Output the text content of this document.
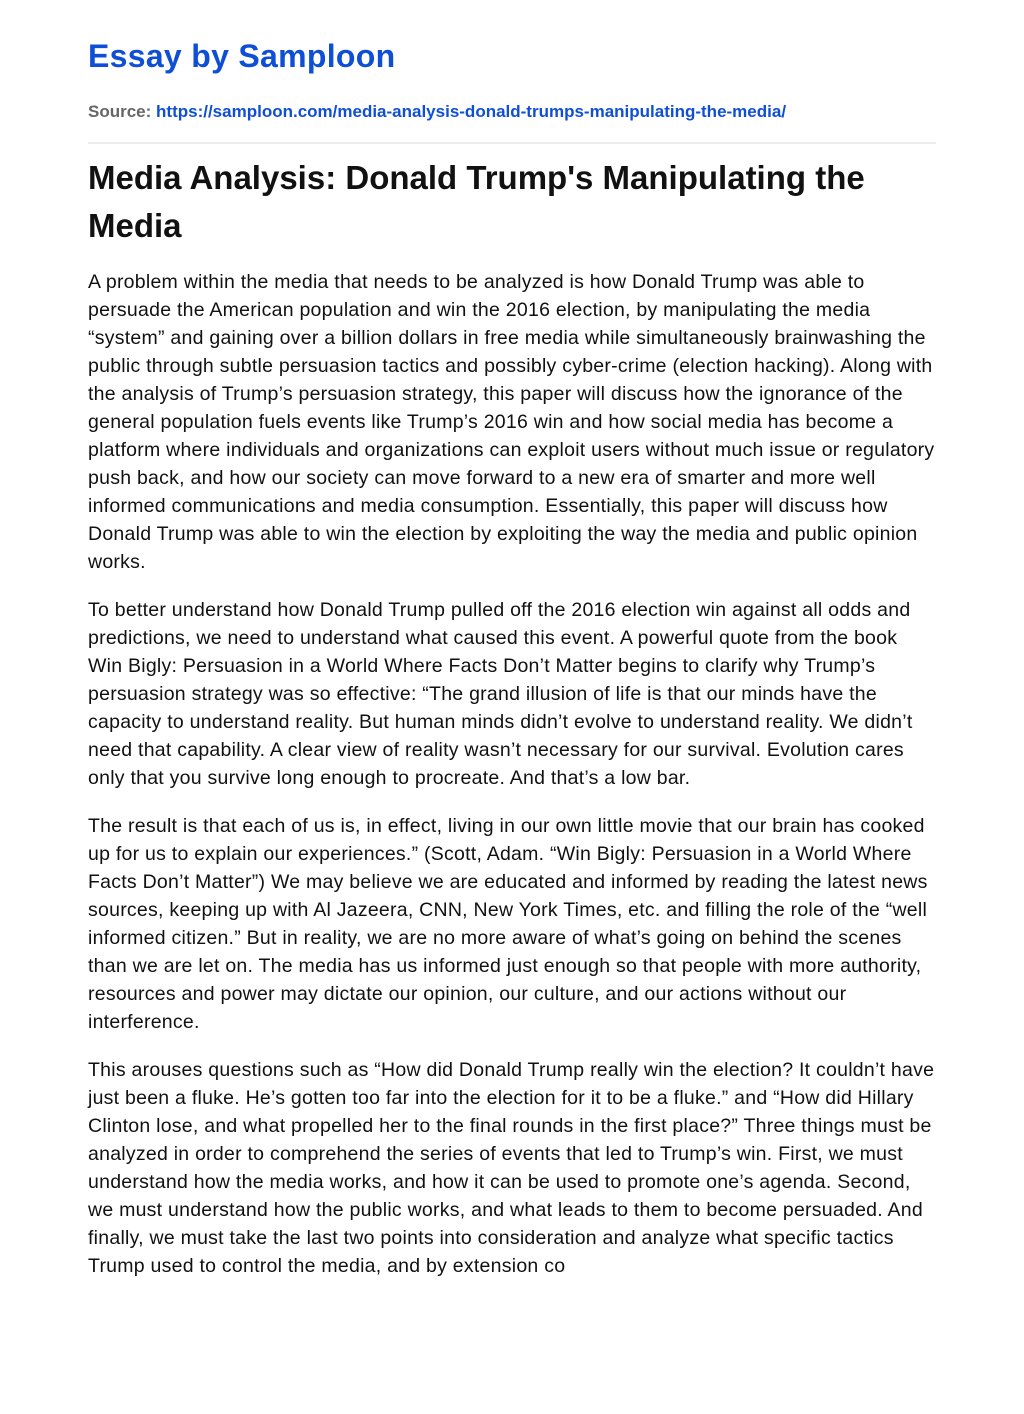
Essay by Samploon
Source: https://samploon.com/media-analysis-donald-trumps-manipulating-the-media/
Media Analysis: Donald Trump's Manipulating the Media

A problem within the media that needs to be analyzed is how Donald Trump was able to persuade the American population and win the 2016 election, by manipulating the media “system” and gaining over a billion dollars in free media while simultaneously brainwashing the public through subtle persuasion tactics and possibly cyber-crime (election hacking). Along with the analysis of Trump’s persuasion strategy, this paper will discuss how the ignorance of the general population fuels events like Trump’s 2016 win and how social media has become a platform where individuals and organizations can exploit users without much issue or regulatory push back, and how our society can move forward to a new era of smarter and more well informed communications and media consumption. Essentially, this paper will discuss how Donald Trump was able to win the election by exploiting the way the media and public opinion works.

To better understand how Donald Trump pulled off the 2016 election win against all odds and predictions, we need to understand what caused this event. A powerful quote from the book Win Bigly: Persuasion in a World Where Facts Don’t Matter begins to clarify why Trump’s persuasion strategy was so effective: “The grand illusion of life is that our minds have the capacity to understand reality. But human minds didn’t evolve to understand reality. We didn’t need that capability. A clear view of reality wasn’t necessary for our survival. Evolution cares only that you survive long enough to procreate. And that’s a low bar.

The result is that each of us is, in effect, living in our own little movie that our brain has cooked up for us to explain our experiences.” (Scott, Adam. “Win Bigly: Persuasion in a World Where Facts Don’t Matter”) We may believe we are educated and informed by reading the latest news sources, keeping up with Al Jazeera, CNN, New York Times, etc. and filling the role of the “well informed citizen.” But in reality, we are no more aware of what’s going on behind the scenes than we are let on. The media has us informed just enough so that people with more authority, resources and power may dictate our opinion, our culture, and our actions without our interference.

This arouses questions such as “How did Donald Trump really win the election? It couldn’t have just been a fluke. He’s gotten too far into the election for it to be a fluke.” and “How did Hillary Clinton lose, and what propelled her to the final rounds in the first place?” Three things must be analyzed in order to comprehend the series of events that led to Trump’s win. First, we must understand how the media works, and how it can be used to promote one’s agenda. Second, we must understand how the public works, and what leads to them to become persuaded. And finally, we must take the last two points into consideration and analyze what specific tactics Trump used to control the media, and by extension co
